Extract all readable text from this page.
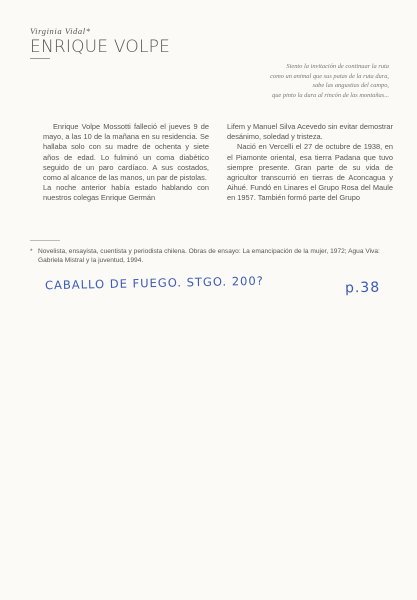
Virginia Vidal*
ENRIQUE VOLPE
Siento la invitación de continuar la ruta
como un animal que sus patas de la ruta dura,
sabe las angustias del campo,
que pinto la dura al rincón de las montañas...

Enrique Volpe Mossotti falleció el jueves 9 de mayo, a las 10 de la mañana en su residencia. Se hallaba solo con su madre de ochenta y siete años de edad. Lo fulminó un coma diabético seguido de un paro cardíaco. A sus costados, como al alcance de las manos, un par de pistolas.

La noche anterior había estado hablando con nuestros colegas Enrique Germán

Lifem y Manuel Silva Acevedo sin evitar demostrar desánimo, soledad y tristeza.

Nació en Vercelli el 27 de octubre de 1938, en el Piamonte oriental, esa tierra Padana que tuvo siempre presente. Gran parte de su vida de agricultor transcurrió en tierras de Aconcagua y Aihué. Fundó en Linares el Grupo Rosa del Maule en 1957. También formó parte del Grupo

* Novelista, ensayista, cuentista y periodista chilena. Obras de ensayo: La emancipación de la mujer, 1972; Agua Viva: Gabriela Mistral y la juventud, 1994.
CABALLO DE FUEGO. STGO. 200?	p.38
